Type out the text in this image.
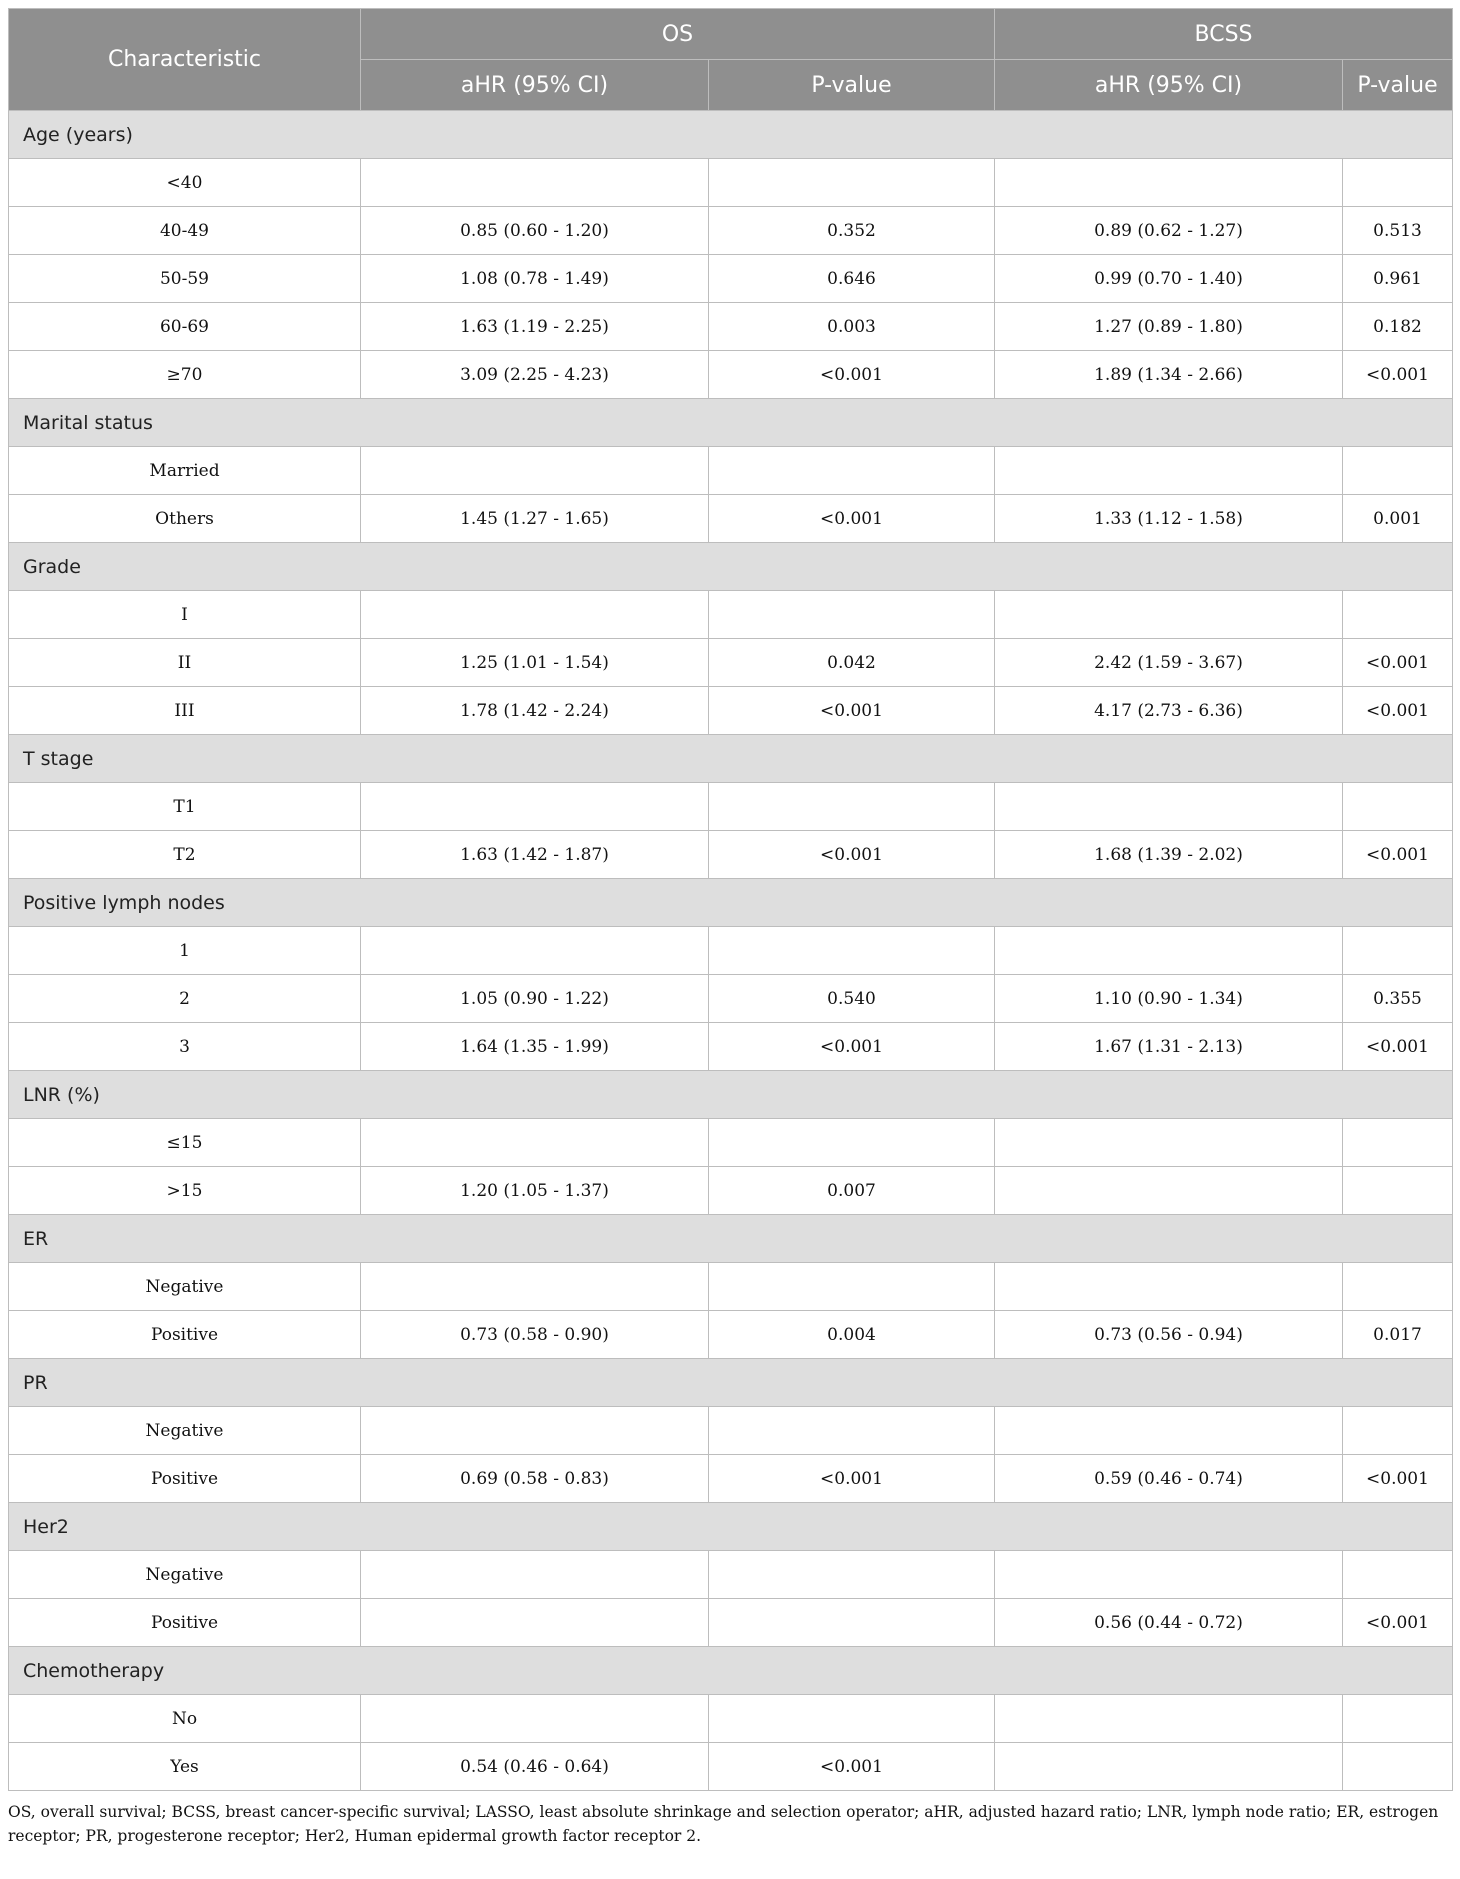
Characteristic	OS		BCSS	
	aHR (95% CI)	P-value	aHR (95% CI)	P-value
Age (years)				
<40				
40-49	0.85 (0.60 - 1.20)	0.352	0.89 (0.62 - 1.27)	0.513
50-59	1.08 (0.78 - 1.49)	0.646	0.99 (0.70 - 1.40)	0.961
60-69	1.63 (1.19 - 2.25)	0.003	1.27 (0.89 - 1.80)	0.182
≥70	3.09 (2.25 - 4.23)	<0.001	1.89 (1.34 - 2.66)	<0.001
Marital status				
Married				
Others	1.45 (1.27 - 1.65)	<0.001	1.33 (1.12 - 1.58)	0.001
Grade				
I				
II	1.25 (1.01 - 1.54)	0.042	2.42 (1.59 - 3.67)	<0.001
III	1.78 (1.42 - 2.24)	<0.001	4.17 (2.73 - 6.36)	<0.001
T stage				
T1				
T2	1.63 (1.42 - 1.87)	<0.001	1.68 (1.39 - 2.02)	<0.001
Positive lymph nodes				
1				
2	1.05 (0.90 - 1.22)	0.540	1.10 (0.90 - 1.34)	0.355
3	1.64 (1.35 - 1.99)	<0.001	1.67 (1.31 - 2.13)	<0.001
LNR (%)				
≤15				
>15	1.20 (1.05 - 1.37)	0.007		
ER				
Negative				
Positive	0.73 (0.58 - 0.90)	0.004	0.73 (0.56 - 0.94)	0.017
PR				
Negative				
Positive	0.69 (0.58 - 0.83)	<0.001	0.59 (0.46 - 0.74)	<0.001
Her2				
Negative				
Positive			0.56 (0.44 - 0.72)	<0.001
Chemotherapy				
No				
Yes	0.54 (0.46 - 0.64)	<0.001		
OS, overall survival; BCSS, breast cancer-specific survival; LASSO, least absolute shrinkage and selection operator; aHR, adjusted hazard ratio; LNR, lymph node ratio; ER, estrogen receptor; PR, progesterone receptor; Her2, Human epidermal growth factor receptor 2.
